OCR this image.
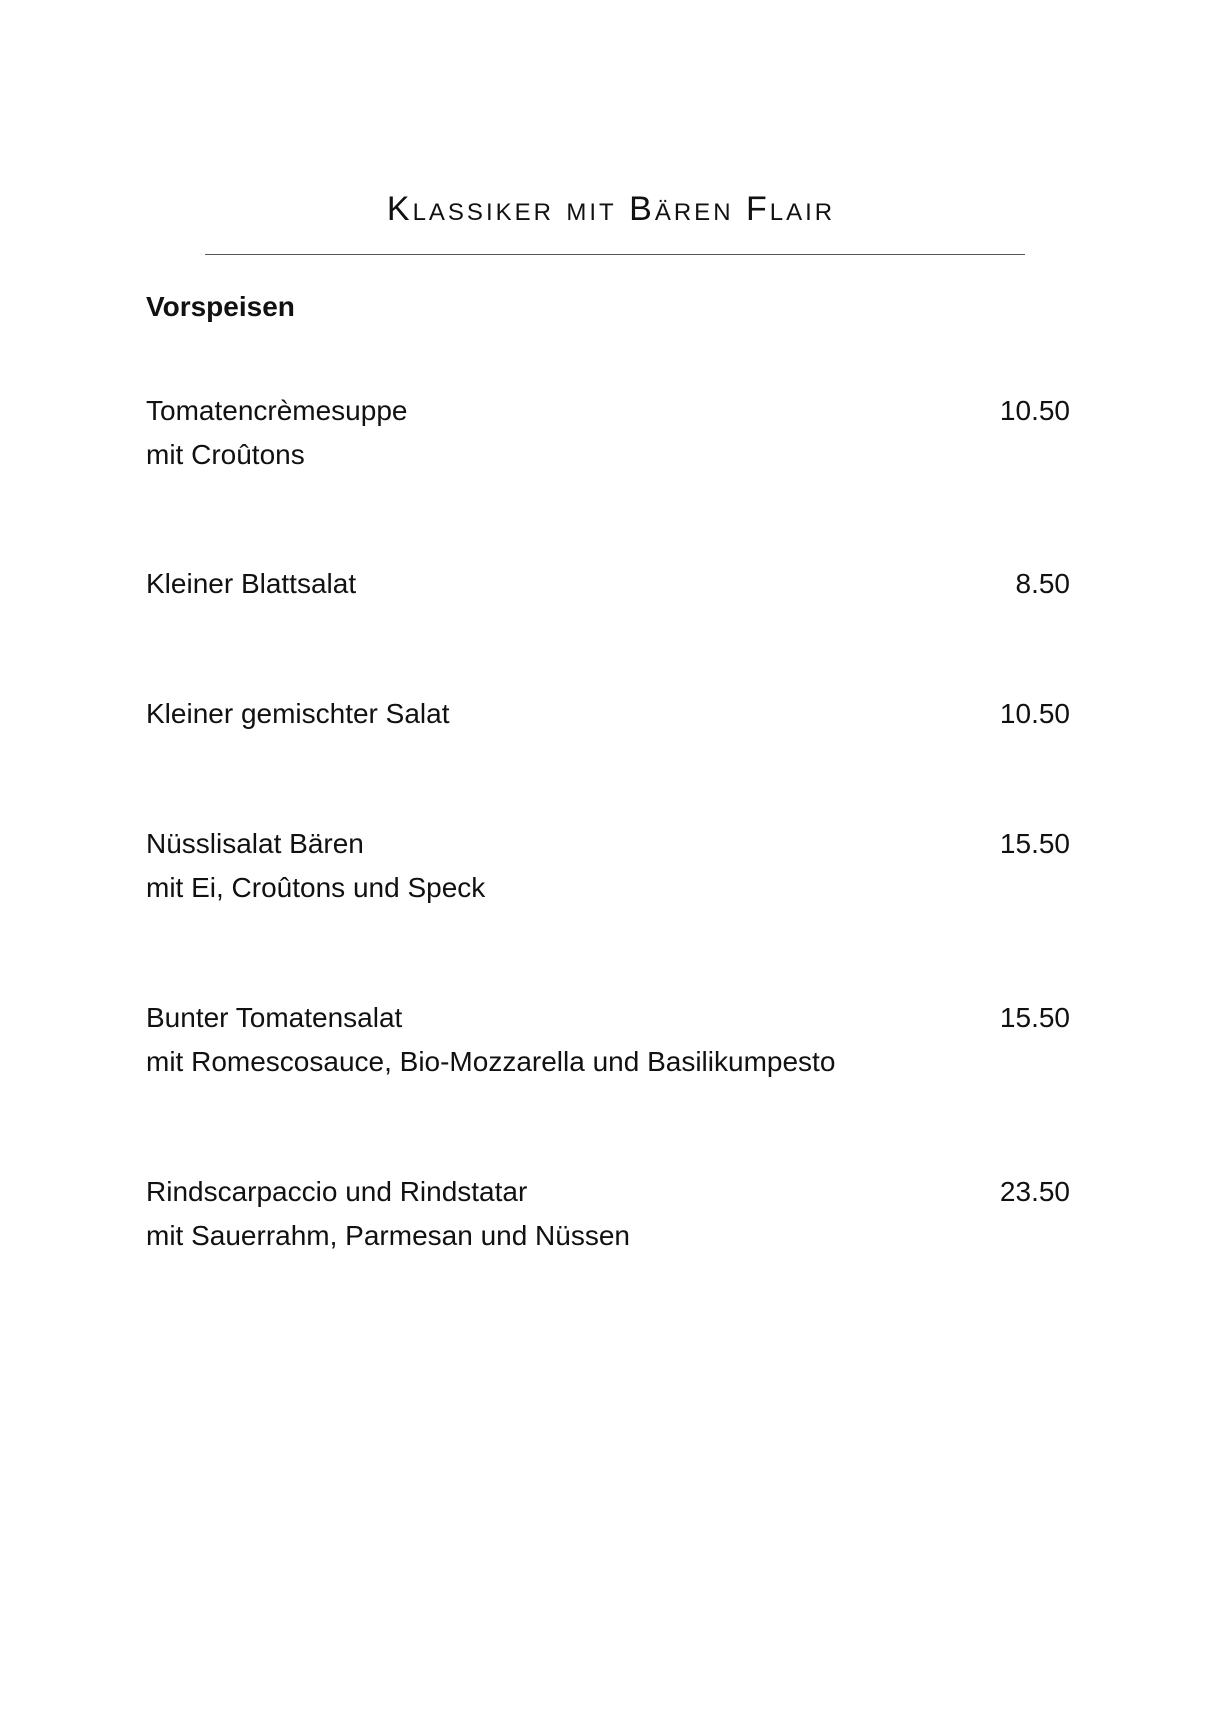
Klassiker mit Bären Flair
Vorspeisen
Tomatencrèmesuppe
mit Croûtons
10.50
Kleiner Blattsalat	8.50
Kleiner gemischter Salat	10.50
Nüsslisalat Bären
mit Ei, Croûtons und Speck
15.50
Bunter Tomatensalat
mit Romescosauce, Bio-Mozzarella und Basilikumpesto
15.50
Rindscarpaccio und Rindstatar
mit Sauerrahm, Parmesan und Nüssen
23.50
